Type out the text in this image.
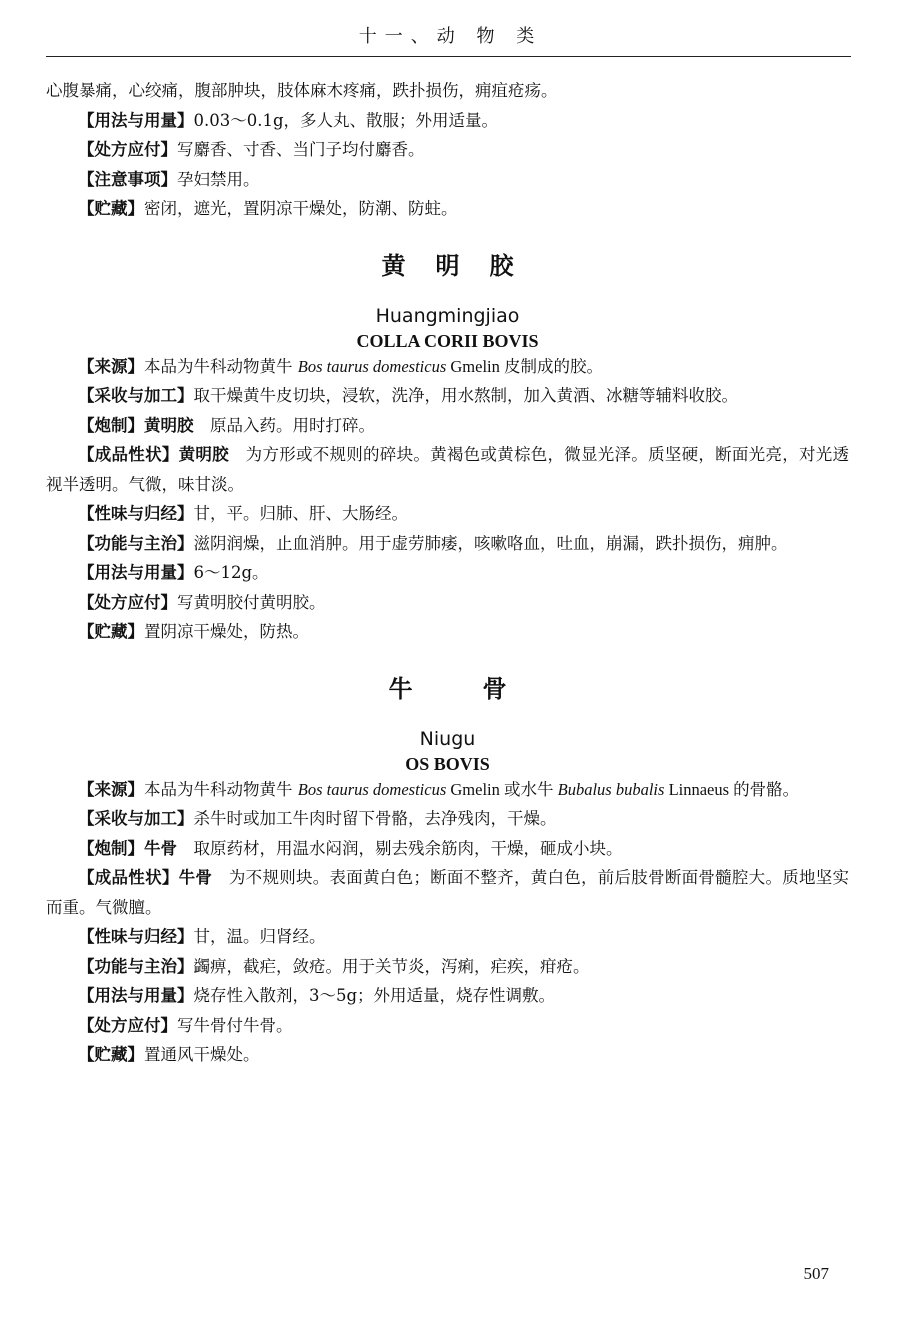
十一、动 物 类

心腹暴痛，心绞痛，腹部肿块，肢体麻木疼痛，跌扑损伤，痈疽疮疡。

【用法与用量】0.03～0.1g，多人丸、散服；外用适量。

【处方应付】写麝香、寸香、当门子均付麝香。

【注意事项】孕妇禁用。

【贮藏】密闭，遮光，置阴凉干燥处，防潮、防蛀。

黄明胶
Huangmingjiao
COLLA CORII BOVIS

【来源】本品为牛科动物黄牛 Bos taurus domesticus Gmelin 皮制成的胶。

【采收与加工】取干燥黄牛皮切块，浸软，洗净，用水熬制，加入黄酒、冰糖等辅料收胶。

【炮制】黄明胶　原品入药。用时打碎。

【成品性状】黄明胶　为方形或不规则的碎块。黄褐色或黄棕色，微显光泽。质坚硬，断面光亮，对光透视半透明。气微，味甘淡。

【性味与归经】甘，平。归肺、肝、大肠经。

【功能与主治】滋阴润燥，止血消肿。用于虚劳肺痿，咳嗽咯血，吐血，崩漏，跌扑损伤，痈肿。

【用法与用量】6～12g。

【处方应付】写黄明胶付黄明胶。

【贮藏】置阴凉干燥处，防热。

牛骨
Niugu
OS BOVIS

【来源】本品为牛科动物黄牛 Bos taurus domesticus Gmelin 或水牛 Bubalus bubalis Linnaeus 的骨骼。

【采收与加工】杀牛时或加工牛肉时留下骨骼，去净残肉，干燥。

【炮制】牛骨　取原药材，用温水闷润，剔去残余筋肉，干燥，砸成小块。

【成品性状】牛骨　为不规则块。表面黄白色；断面不整齐，黄白色，前后肢骨断面骨髓腔大。质地坚实而重。气微膻。

【性味与归经】甘，温。归肾经。

【功能与主治】蠲痹，截疟，敛疮。用于关节炎，泻痢，疟疾，疳疮。

【用法与用量】烧存性入散剂，3～5g；外用适量，烧存性调敷。

【处方应付】写牛骨付牛骨。

【贮藏】置通风干燥处。

507
